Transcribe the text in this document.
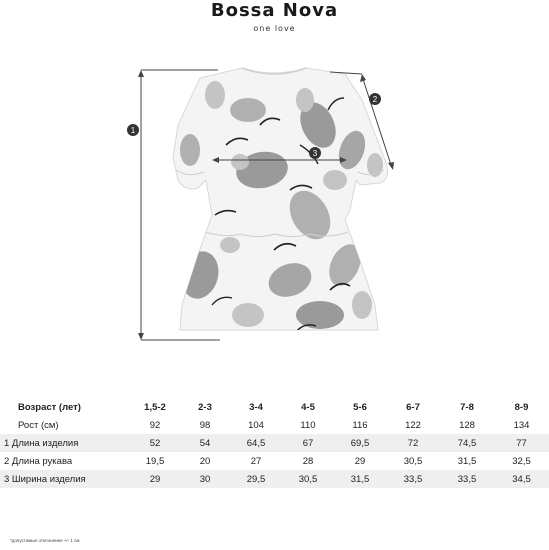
Bossa Nova
one love
1
2
3
Возраст (лет)	1,5-2	2-3	3-4	4-5	5-6	6-7	7-8	8-9
Рост (см)	92	98	104	110	116	122	128	134
1 Длина изделия	52	54	64,5	67	69,5	72	74,5	77
2 Длина рукава	19,5	20	27	28	29	30,5	31,5	32,5
3 Ширина изделия	29	30	29,5	30,5	31,5	33,5	33,5	34,5
*допустимые отклонения +/- 1 см
